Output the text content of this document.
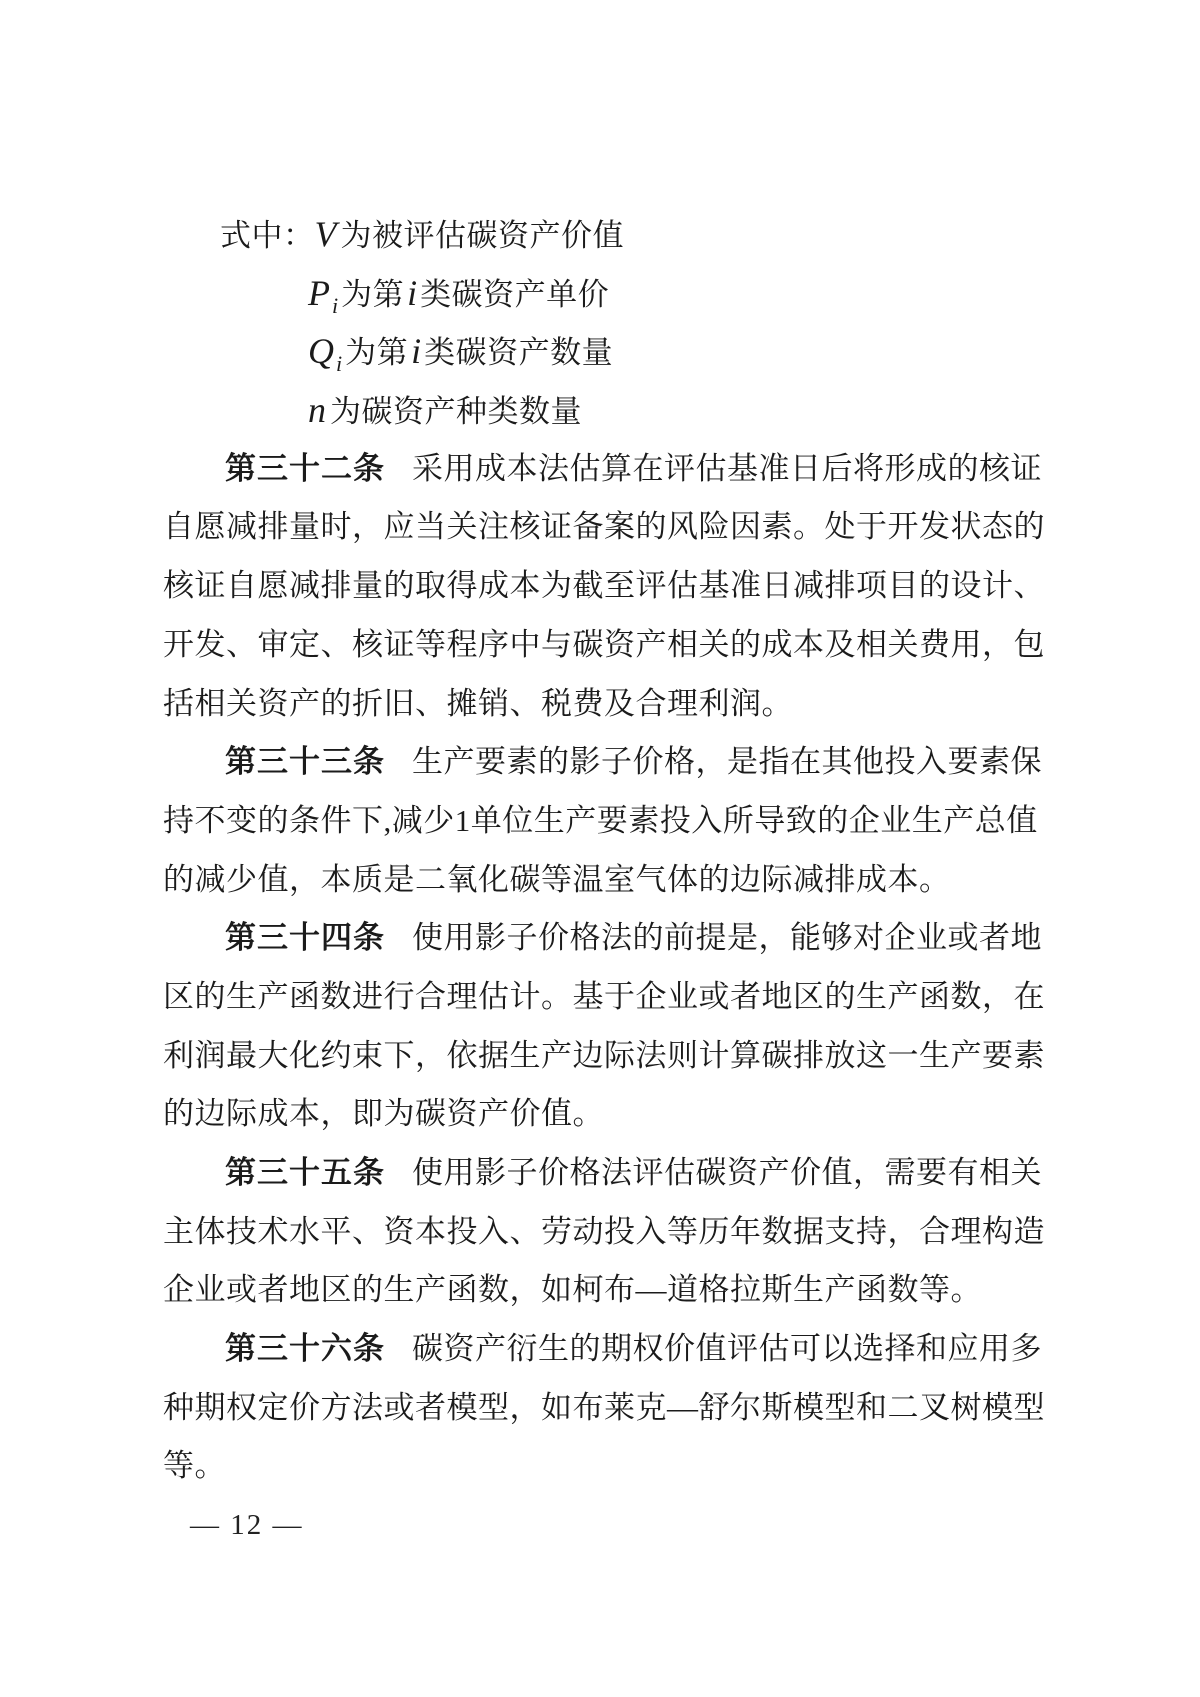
式中：V 为被评估碳资产价值
$P_i$为第i类碳资产单价
$Q_i$为第i类碳资产数量
n 为碳资产种类数量
第三十二条 采用成本法估算在评估基准日后将形成的核证
自愿减排量时，应当关注核证备案的风险因素。处于开发状态的
核证自愿减排量的取得成本为截至评估基准日减排项目的设计、
开发、审定、核证等程序中与碳资产相关的成本及相关费用，包
括相关资产的折旧、摊销、税费及合理利润。
第三十三条 生产要素的影子价格，是指在其他投入要素保
持不变的条件下,减少1单位生产要素投入所导致的企业生产总值
的减少值，本质是二氧化碳等温室气体的边际减排成本。
第三十四条 使用影子价格法的前提是，能够对企业或者地
区的生产函数进行合理估计。基于企业或者地区的生产函数，在
利润最大化约束下，依据生产边际法则计算碳排放这一生产要素
的边际成本，即为碳资产价值。
第三十五条 使用影子价格法评估碳资产价值，需要有相关
主体技术水平、资本投入、劳动投入等历年数据支持，合理构造
企业或者地区的生产函数，如柯布—道格拉斯生产函数等。
第三十六条 碳资产衍生的期权价值评估可以选择和应用多
种期权定价方法或者模型，如布莱克—舒尔斯模型和二叉树模型
等。
— 12 —
